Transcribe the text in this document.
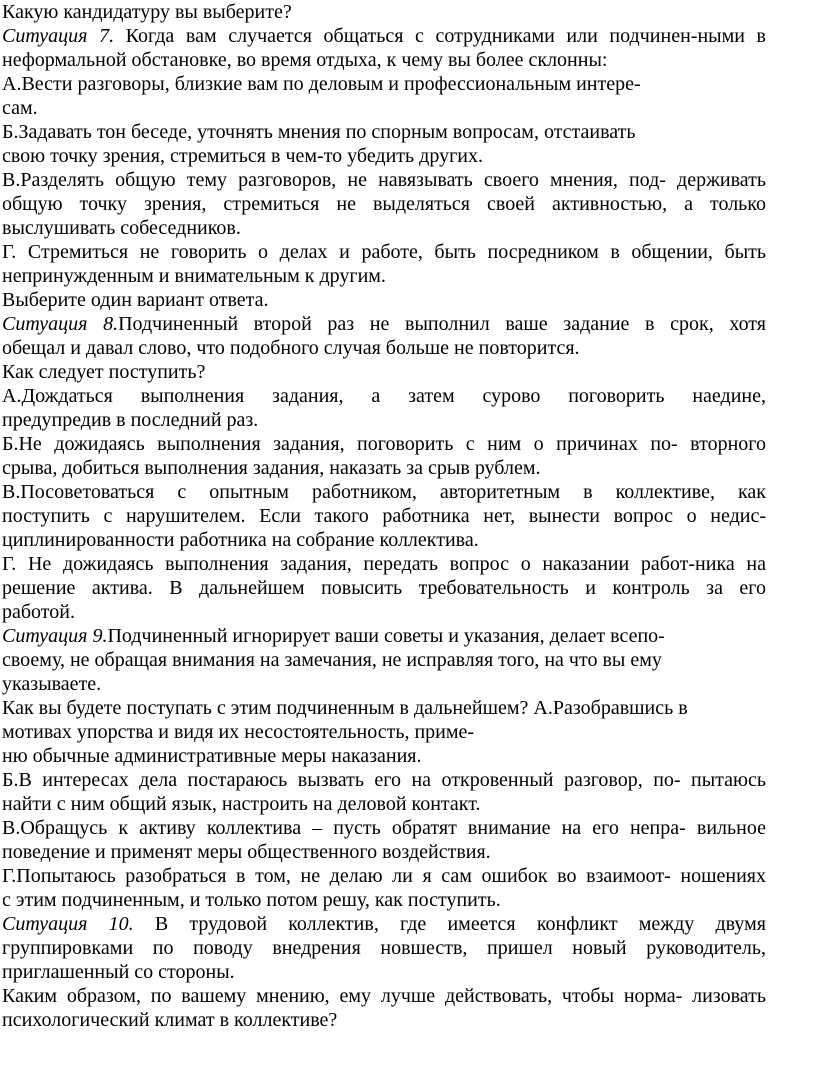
Какую кандидатуру вы выберите?
Ситуация 7. Когда вам случается общаться с сотрудниками или подчинен-ными в
неформальной обстановке, во время отдыха, к чему вы более склонны:
А.Вести разговоры, близкие вам по деловым и профессиональным интере-
сам.
Б.Задавать тон беседе, уточнять мнения по спорным вопросам, отстаивать
свою точку зрения, стремиться в чем-то убедить других.
В.Разделять общую тему разговоров, не навязывать своего мнения, под- держивать
общую точку зрения, стремиться не выделяться своей активностью, а только
выслушивать собеседников.
Г. Стремиться не говорить о делах и работе, быть посредником в общении, быть
непринужденным и внимательным к другим.
Выберите один вариант ответа.
Ситуация 8.Подчиненный второй раз не выполнил ваше задание в срок, хотя
обещал и давал слово, что подобного случая больше не повторится.
Как следует поступить?
А.Дождаться выполнения задания, а затем сурово поговорить наедине,
предупредив в последний раз.
Б.Не дожидаясь выполнения задания, поговорить с ним о причинах по- вторного
срыва, добиться выполнения задания, наказать за срыв рублем.
В.Посоветоваться с опытным работником, авторитетным в коллективе, как
поступить с нарушителем. Если такого работника нет, вынести вопрос о недис-
циплинированности работника на собрание коллектива.
Г. Не дожидаясь выполнения задания, передать вопрос о наказании работ-ника на
решение актива. В дальнейшем повысить требовательность и контроль за его
работой.
Ситуация 9.Подчиненный игнорирует ваши советы и указания, делает всепо-
своему, не обращая внимания на замечания, не исправляя того, на что вы ему
указываете.
Как вы будете поступать с этим подчиненным в дальнейшем? А.Разобравшись в
мотивах упорства и видя их несостоятельность, приме-
ню обычные административные меры наказания.
Б.В интересах дела постараюсь вызвать его на откровенный разговор, по- пытаюсь
найти с ним общий язык, настроить на деловой контакт.
В.Обращусь к активу коллектива – пусть обратят внимание на его непра- вильное
поведение и применят меры общественного воздействия.
Г.Попытаюсь разобраться в том, не делаю ли я сам ошибок во взаимоот- ношениях
с этим подчиненным, и только потом решу, как поступить.
Ситуация 10. В трудовой коллектив, где имеется конфликт между двумя
группировками по поводу внедрения новшеств, пришел новый руководитель,
приглашенный со стороны.
Каким образом, по вашему мнению, ему лучше действовать, чтобы норма- лизовать
психологический климат в коллективе?
